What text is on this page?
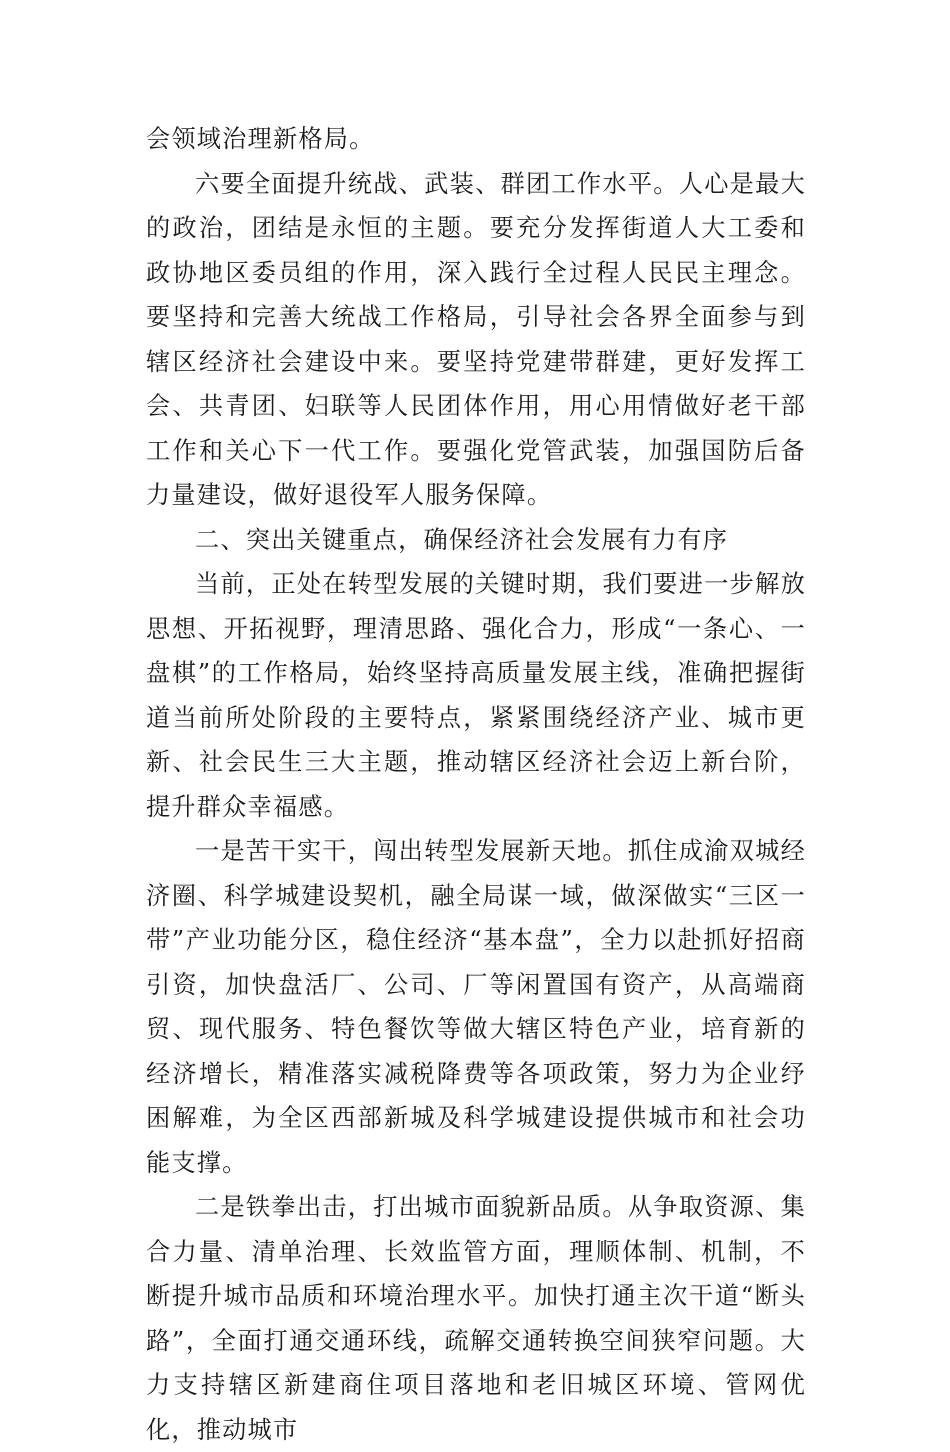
会领域治理新格局。

六要全面提升统战、武装、群团工作水平。人心是最大的政治，团结是永恒的主题。要充分发挥街道人大工委和政协地区委员组的作用，深入践行全过程人民民主理念。要坚持和完善大统战工作格局，引导社会各界全面参与到辖区经济社会建设中来。要坚持党建带群建，更好发挥工会、共青团、妇联等人民团体作用，用心用情做好老干部工作和关心下一代工作。要强化党管武装，加强国防后备力量建设，做好退役军人服务保障。

二、突出关键重点，确保经济社会发展有力有序

当前，正处在转型发展的关键时期，我们要进一步解放思想、开拓视野，理清思路、强化合力，形成“一条心、一盘棋”的工作格局，始终坚持高质量发展主线，准确把握街道当前所处阶段的主要特点，紧紧围绕经济产业、城市更新、社会民生三大主题，推动辖区经济社会迈上新台阶，提升群众幸福感。

一是苦干实干，闯出转型发展新天地。抓住成渝双城经济圈、科学城建设契机，融全局谋一域，做深做实“三区一带”产业功能分区，稳住经济“基本盘”，全力以赴抓好招商引资，加快盘活厂、公司、厂等闲置国有资产，从高端商贸、现代服务、特色餐饮等做大辖区特色产业，培育新的经济增长，精准落实减税降费等各项政策，努力为企业纾困解难，为全区西部新城及科学城建设提供城市和社会功能支撑。

二是铁拳出击，打出城市面貌新品质。从争取资源、集合力量、清单治理、长效监管方面，理顺体制、机制，不断提升城市品质和环境治理水平。加快打通主次干道“断头路”，全面打通交通环线，疏解交通转换空间狭窄问题。大力支持辖区新建商住项目落地和老旧城区环境、管网优化，推动城市
